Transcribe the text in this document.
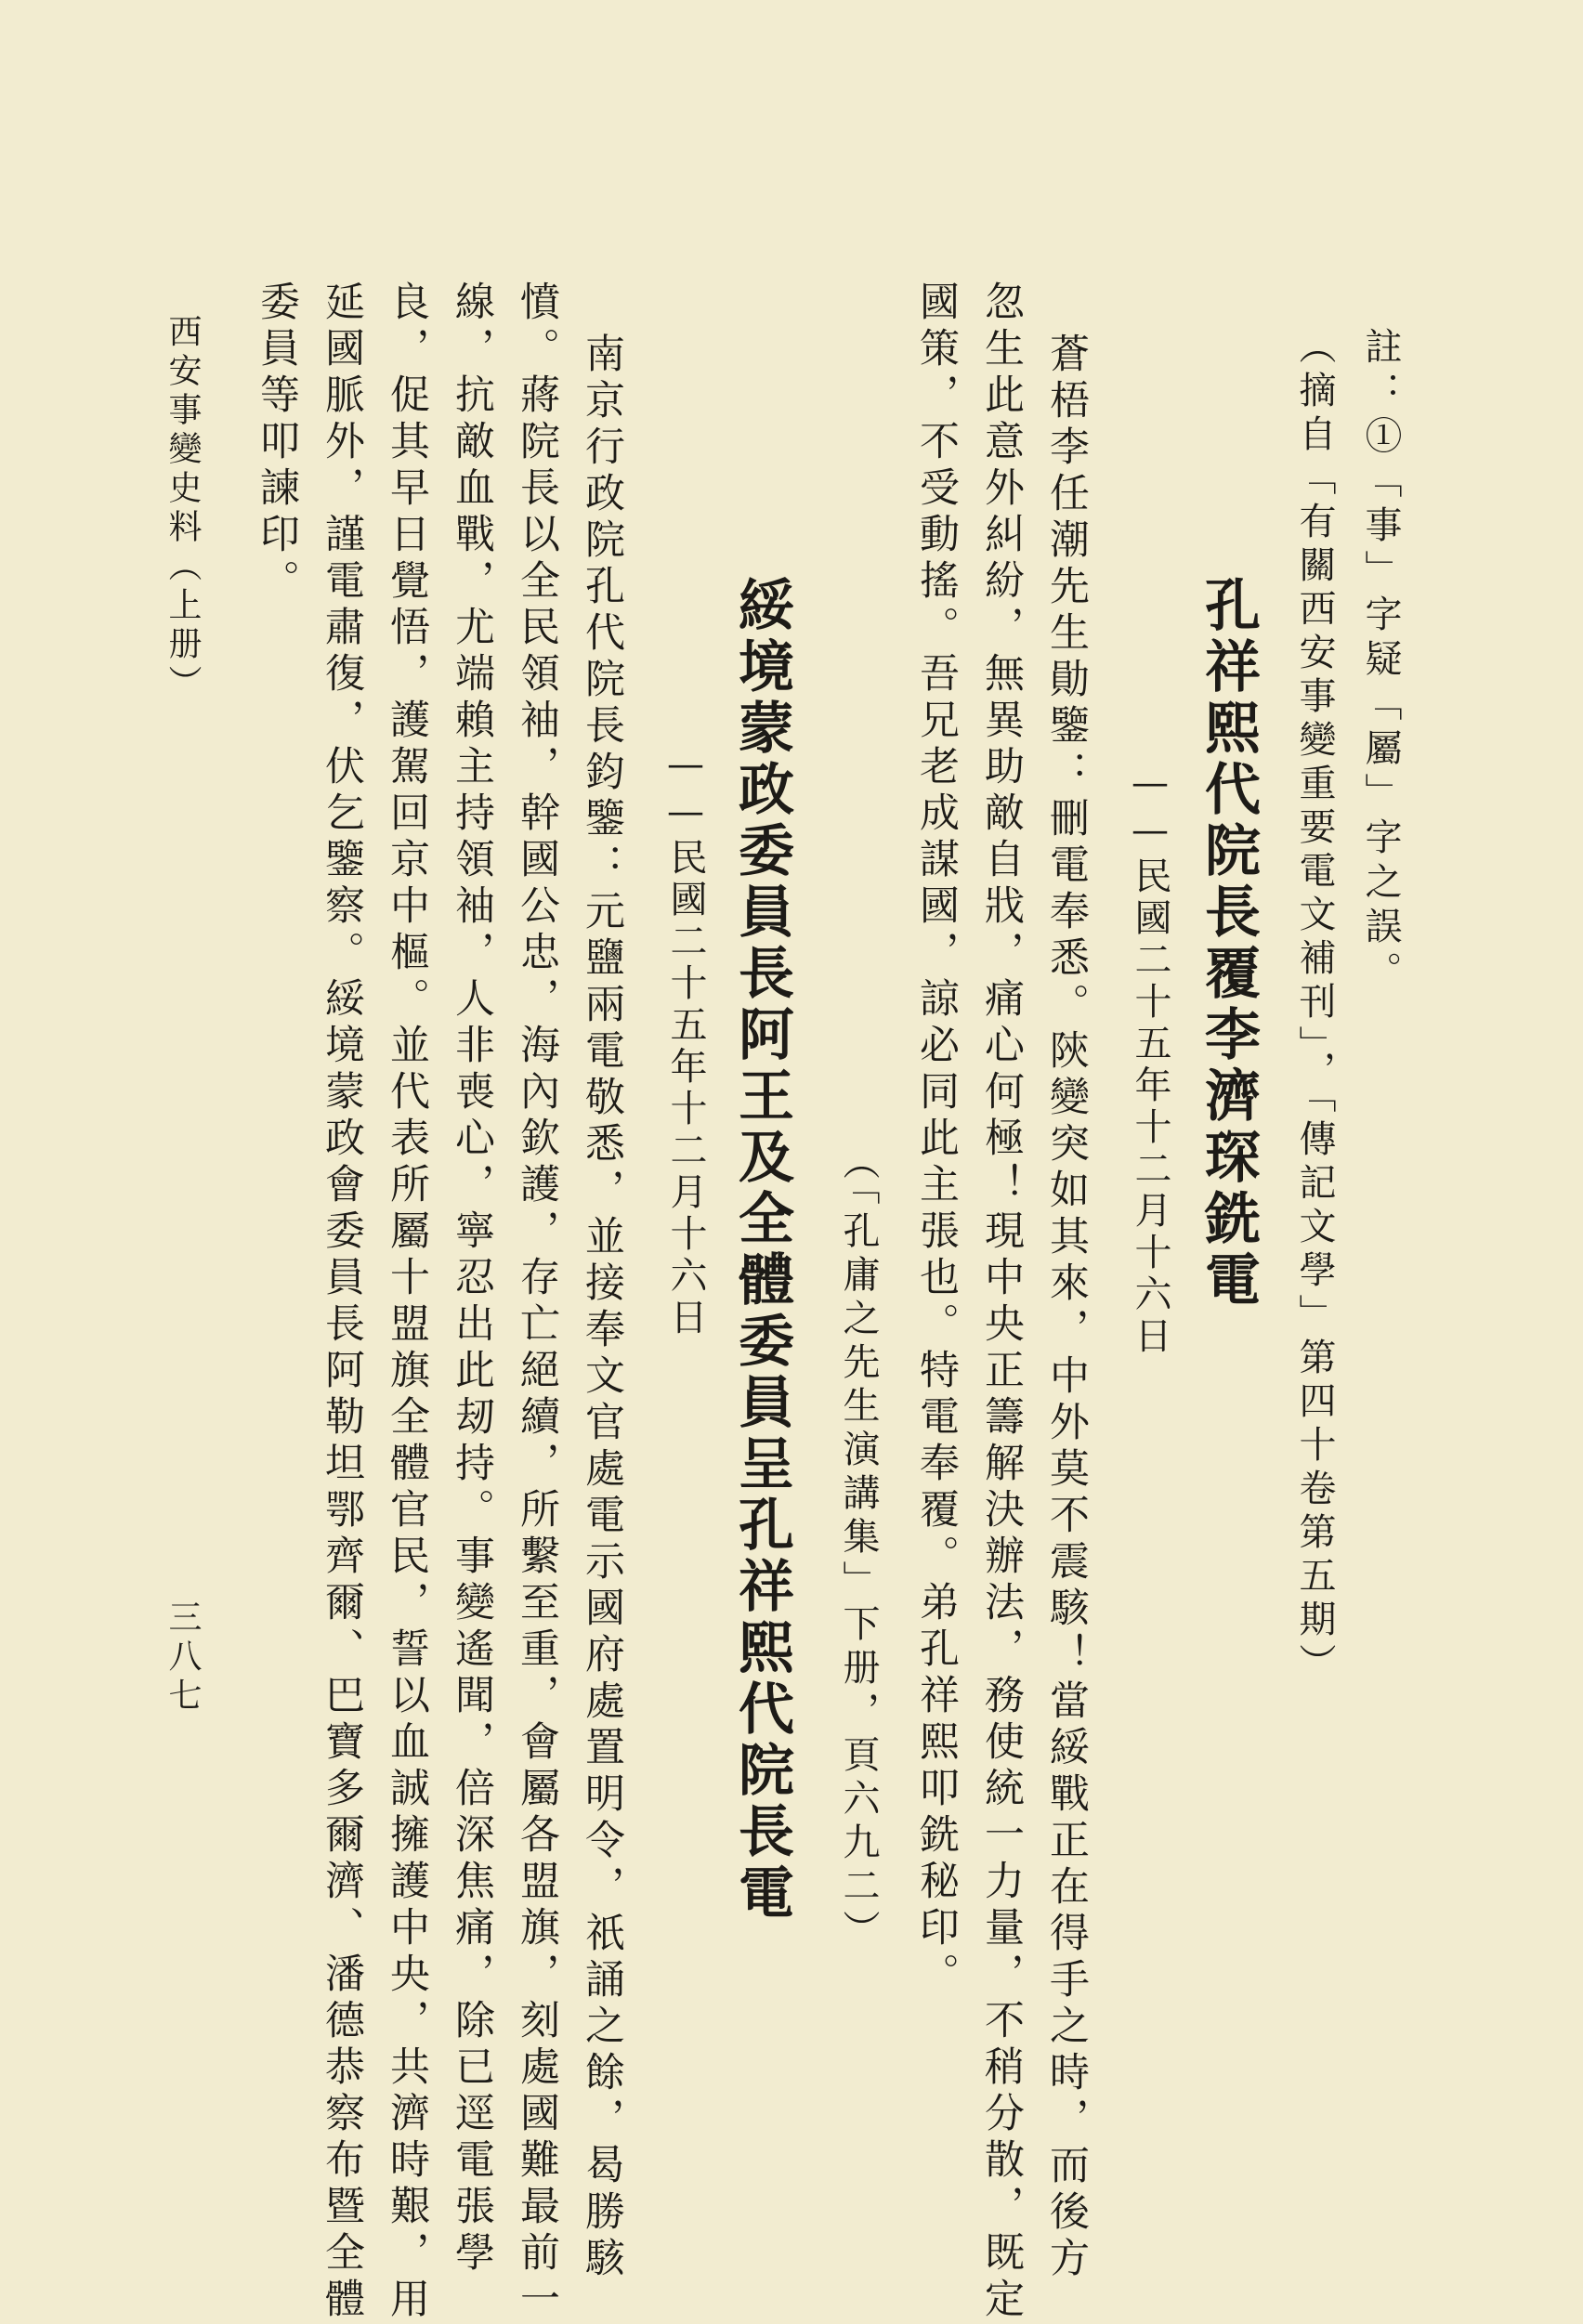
註：①「事」字疑「屬」字之誤。
（摘自「有關西安事變重要電文補刊」，「傳記文學」第四十卷第五期）
孔祥熙代院長覆李濟琛銑電
——民國二十五年十二月十六日
蒼梧李任潮先生勛鑒：刪電奉悉。陝變突如其來，中外莫不震駭！當綏戰正在得手之時，而後方
忽生此意外糾紛，無異助敵自戕，痛心何極！現中央正籌解決辦法，務使統一力量，不稍分散，既定
國策，不受動搖。吾兄老成謀國，諒必同此主張也。特電奉覆。弟孔祥熙叩銑秘印。
（「孔庸之先生演講集」下册，頁六九二）
綏境蒙政委員長阿王及全體委員呈孔祥熙代院長電
——民國二十五年十二月十六日
南京行政院孔代院長鈞鑒：元鹽兩電敬悉，並接奉文官處電示國府處置明令，祇誦之餘，曷勝駭
憤。蔣院長以全民領袖，幹國公忠，海內欽護，存亡絕續，所繫至重，會屬各盟旗，刻處國難最前一
線，抗敵血戰，尤端賴主持領袖，人非喪心，寧忍出此刼持。事變遙聞，倍深焦痛，除已逕電張學
良，促其早日覺悟，護駕回京中樞。並代表所屬十盟旗全體官民，誓以血誠擁護中央，共濟時艱，用
延國脈外，謹電肅復，伏乞鑒察。綏境蒙政會委員長阿勒坦鄂齊爾、巴寶多爾濟、潘德恭察布暨全體
委員等叩諫印。
西安事變史料（上册）
三八七
